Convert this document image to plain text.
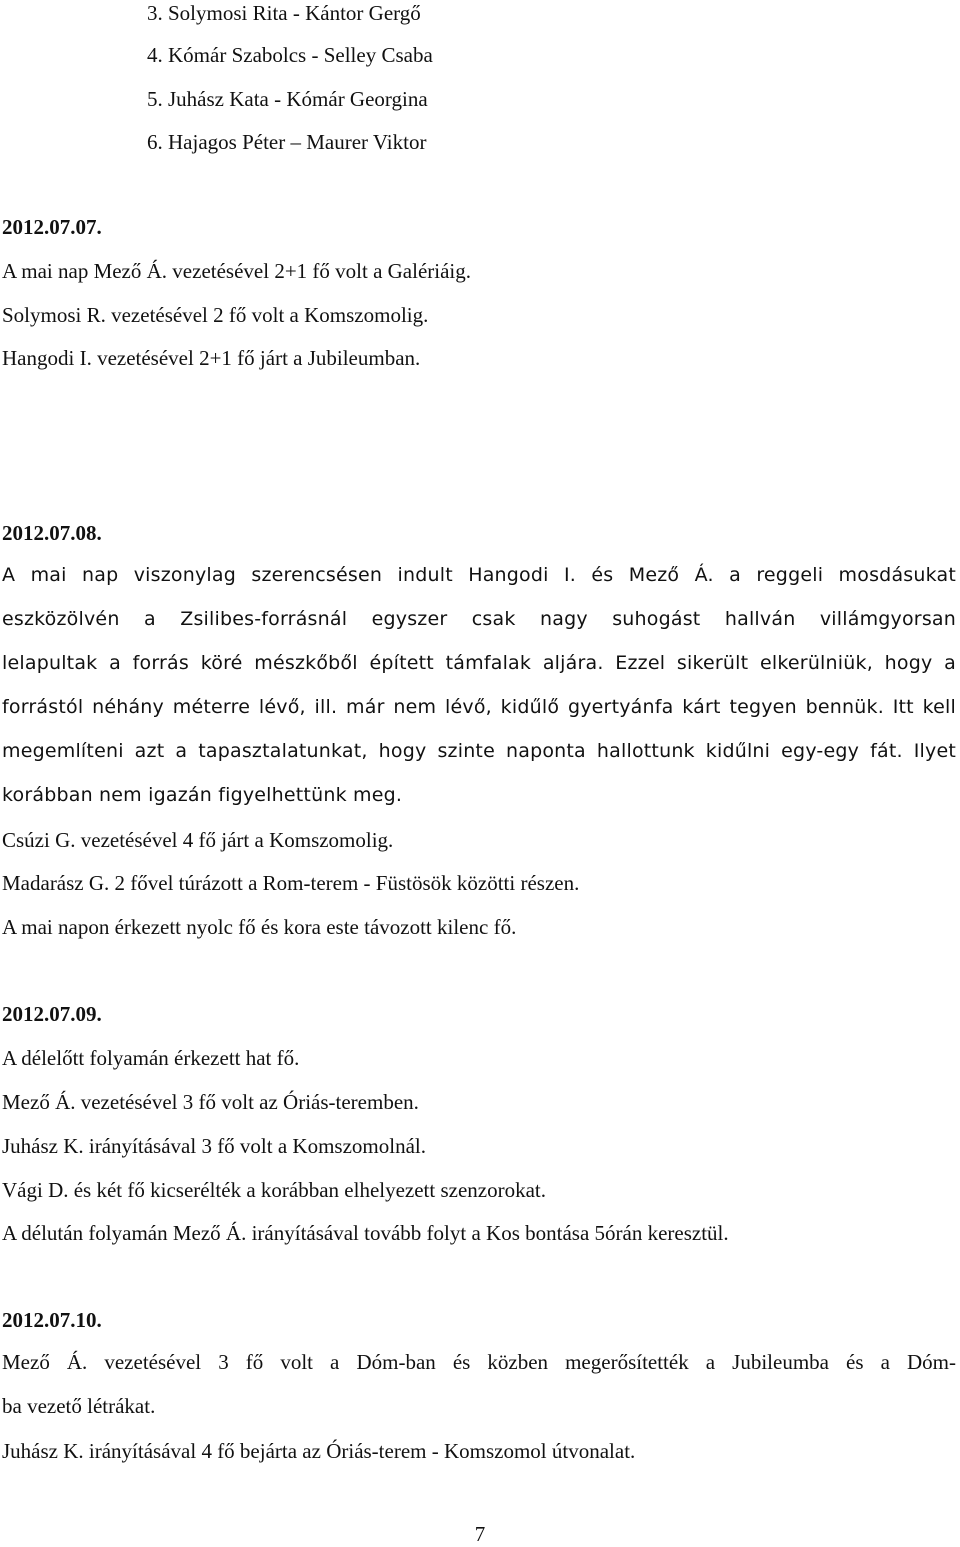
3. Solymosi Rita - Kántor Gergő
4. Kómár Szabolcs - Selley Csaba
5. Juhász Kata - Kómár Georgina
6. Hajagos Péter – Maurer Viktor
2012.07.07.
A mai nap Mező Á. vezetésével 2+1 fő volt a Galériáig.
Solymosi R. vezetésével 2 fő volt a Komszomolig.
Hangodi I. vezetésével 2+1 fő járt a Jubileumban.
2012.07.08.
A mai nap viszonylag szerencsésen indult Hangodi I. és Mező Á. a reggeli mosdásukat
eszközölvén a Zsilibes-forrásnál egyszer csak nagy suhogást hallván villámgyorsan
lelapultak a forrás köré mészkőből épített támfalak aljára. Ezzel sikerült elkerülniük, hogy a
forrástól néhány méterre lévő, ill. már nem lévő, kidűlő gyertyánfa kárt tegyen bennük. Itt kell
megemlíteni azt a tapasztalatunkat, hogy szinte naponta hallottunk kidűlni egy-egy fát. Ilyet
korábban nem igazán figyelhettünk meg.
Csúzi G. vezetésével 4 fő járt a Komszomolig.
Madarász G. 2 fővel túrázott a Rom-terem - Füstösök közötti részen.
A mai napon érkezett nyolc fő és kora este távozott kilenc fő.
2012.07.09.
A délelőtt folyamán érkezett hat fő.
Mező Á. vezetésével 3 fő volt az Óriás-teremben.
Juhász K. irányításával 3 fő volt a Komszomolnál.
Vági D. és két fő kicserélték a korábban elhelyezett szenzorokat.
A délután folyamán Mező Á. irányításával tovább folyt a Kos bontása 5órán keresztül.
2012.07.10.
Mező Á. vezetésével 3 fő volt a Dóm-ban és közben megerősítették a Jubileumba és a Dóm-
ba vezető létrákat.
Juhász K. irányításával 4 fő bejárta az Óriás-terem - Komszomol útvonalat.
7
